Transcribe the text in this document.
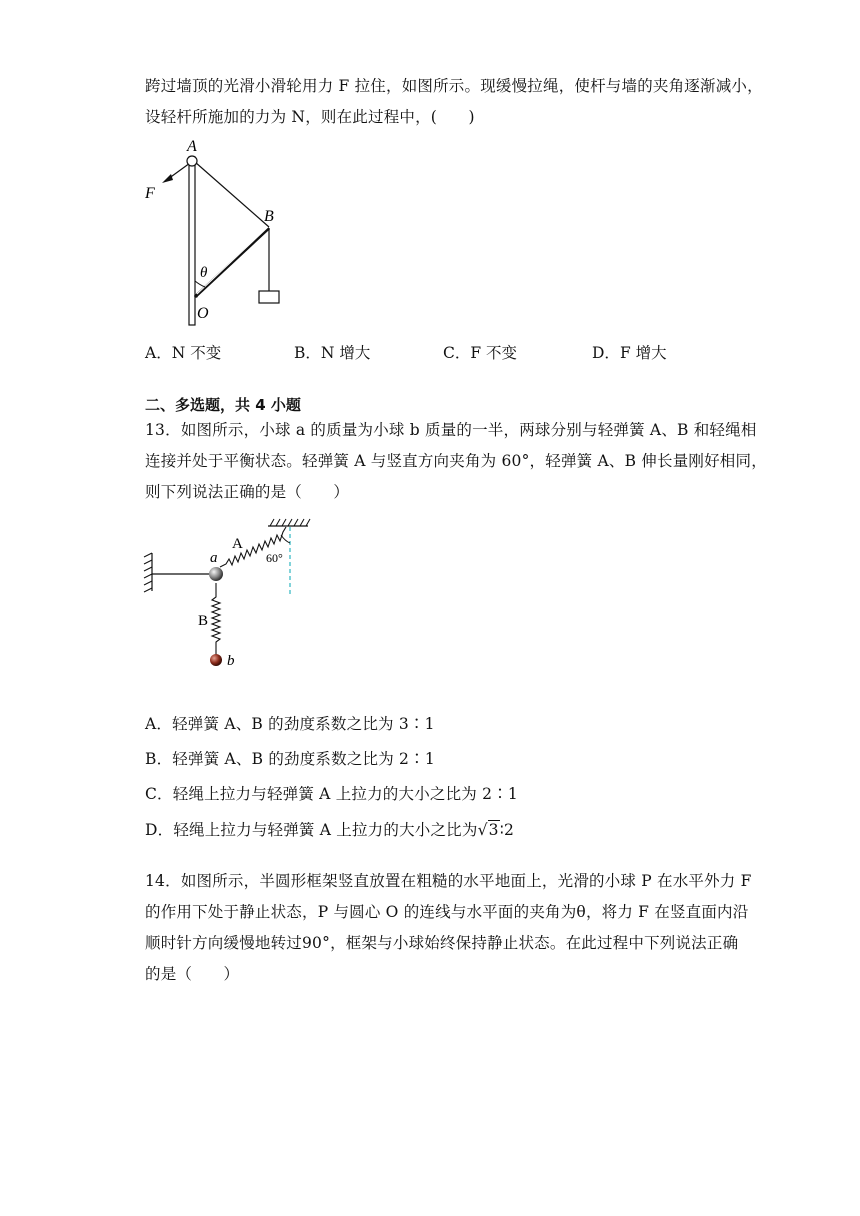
跨过墙顶的光滑小滑轮用力 F 拉住，如图所示。现缓慢拉绳，使杆与墙的夹角逐渐减小，
设轻杆所施加的力为 N，则在此过程中，(　　)
A
F
B
θ
O
A．N 不变	B．N 增大	C．F 不变	D．F 增大
二、多选题，共 4 小题
13．如图所示，小球 a 的质量为小球 b 质量的一半，两球分别与轻弹簧 A、B 和轻绳相
连接并处于平衡状态。轻弹簧 A 与竖直方向夹角为 60°，轻弹簧 A、B 伸长量刚好相同，
则下列说法正确的是（　　）
a
A
60°
B
b
A．轻弹簧 A、B 的劲度系数之比为 3∶1
B．轻弹簧 A、B 的劲度系数之比为 2∶1
C．轻绳上拉力与轻弹簧 A 上拉力的大小之比为 2∶1
D．轻绳上拉力与轻弹簧 A 上拉力的大小之比为√3∶2
14．如图所示，半圆形框架竖直放置在粗糙的水平地面上，光滑的小球 P 在水平外力 F
的作用下处于静止状态，P 与圆心 O 的连线与水平面的夹角为θ，将力 F 在竖直面内沿
顺时针方向缓慢地转过90°，框架与小球始终保持静止状态。在此过程中下列说法正确
的是（　　）
